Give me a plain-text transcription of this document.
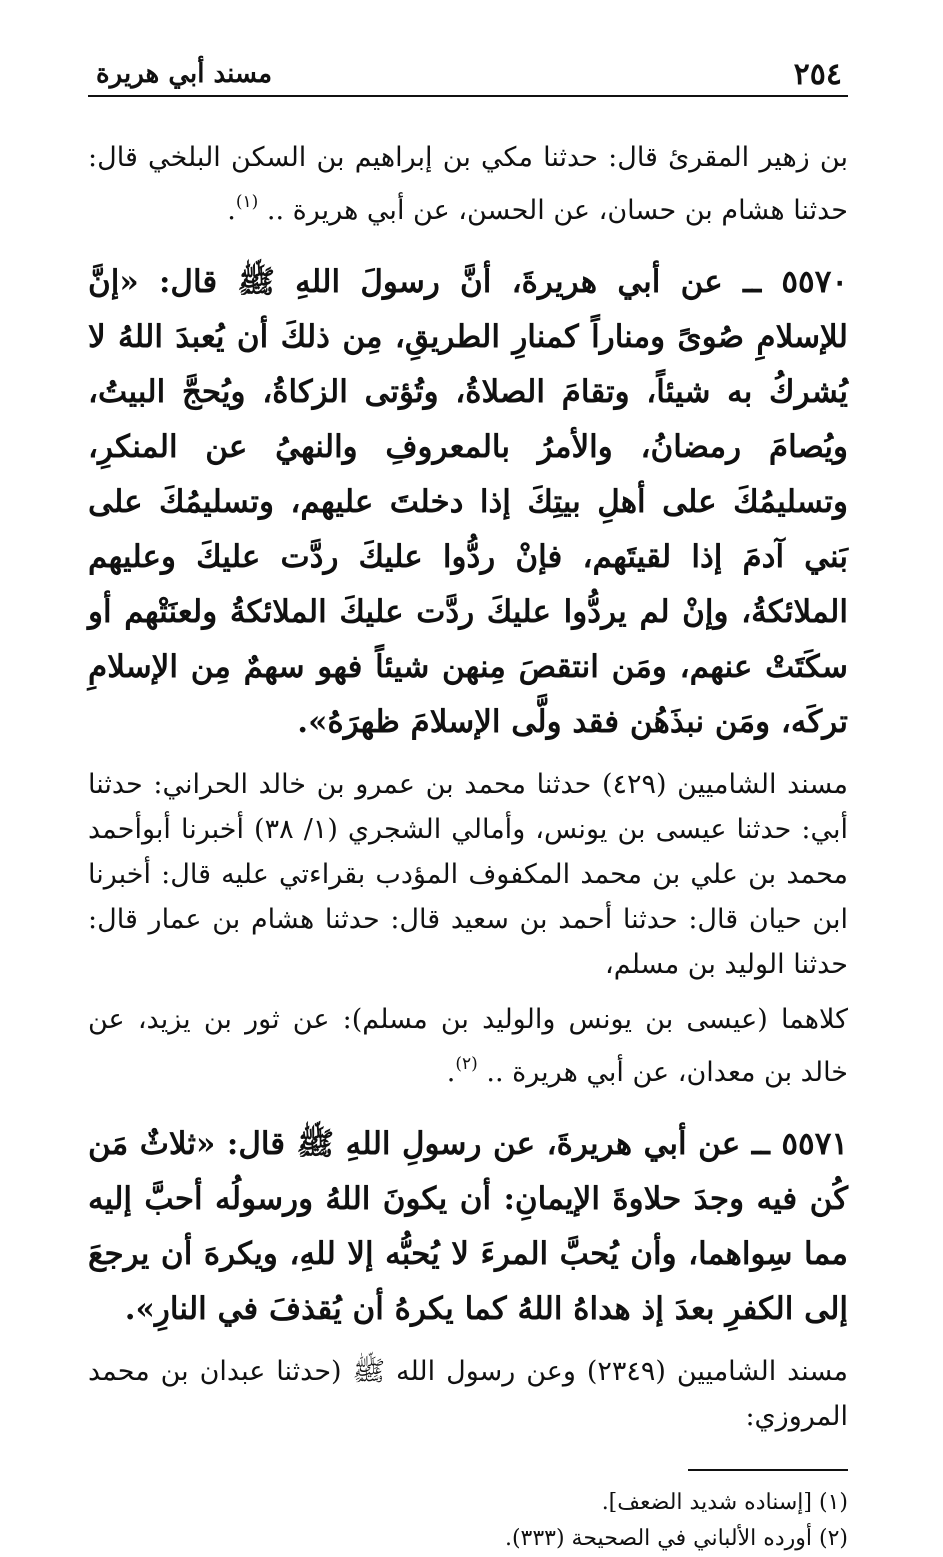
٢٥٤
مسند أبي هريرة

بن زهير المقرئ قال: حدثنا مكي بن إبراهيم بن السكن البلخي قال: حدثنا هشام بن حسان، عن الحسن، عن أبي هريرة .. $^{(١)}$.

٥٥٧٠ ــ عن أبي هريرةَ، أنَّ رسولَ اللهِ ﷺ قال: «إنَّ للإسلامِ صُوىً ومناراً كمنارِ الطريقِ، مِن ذلكَ أن يُعبدَ اللهُ لا يُشركُ به شيئاً، وتقامَ الصلاةُ، وتُؤتى الزكاةُ، ويُحجَّ البيتُ، ويُصامَ رمضانُ، والأمرُ بالمعروفِ والنهيُ عن المنكرِ، وتسليمُكَ على أهلِ بيتِكَ إذا دخلتَ عليهم، وتسليمُكَ على بَني آدمَ إذا لقيتَهم، فإنْ ردُّوا عليكَ ردَّت عليكَ وعليهم الملائكةُ، وإنْ لم يردُّوا عليكَ ردَّت عليكَ الملائكةُ ولعنَتْهم أو سكَتَتْ عنهم، ومَن انتقصَ مِنهن شيئاً فهو سهمٌ مِن الإسلامِ تركَه، ومَن نبذَهُن فقد ولَّى الإسلامَ ظهرَهُ».

مسند الشاميين (٤٢٩) حدثنا محمد بن عمرو بن خالد الحراني: حدثنا أبي: حدثنا عيسى بن يونس، وأمالي الشجري (١/ ٣٨) أخبرنا أبوأحمد محمد بن علي بن محمد المكفوف المؤدب بقراءتي عليه قال: أخبرنا ابن حيان قال: حدثنا أحمد بن سعيد قال: حدثنا هشام بن عمار قال: حدثنا الوليد بن مسلم،

كلاهما (عيسى بن يونس والوليد بن مسلم): عن ثور بن يزيد، عن خالد بن معدان، عن أبي هريرة .. $^{(٢)}$.

٥٥٧١ ــ عن أبي هريرةَ، عن رسولِ اللهِ ﷺ قال: «ثلاثٌ مَن كُن فيه وجدَ حلاوةَ الإيمانِ: أن يكونَ اللهُ ورسولُه أحبَّ إليه مما سِواهما، وأن يُحبَّ المرءَ لا يُحبُّه إلا للهِ، ويكرهَ أن يرجعَ إلى الكفرِ بعدَ إذ هداهُ اللهُ كما يكرهُ أن يُقذفَ في النارِ».

مسند الشاميين (٢٣٤٩) وعن رسول الله ﷺ (حدثنا عبدان بن محمد المروزي:

(١) [إسناده شديد الضعف].

(٢) أورده الألباني في الصحيحة (٣٣٣).
